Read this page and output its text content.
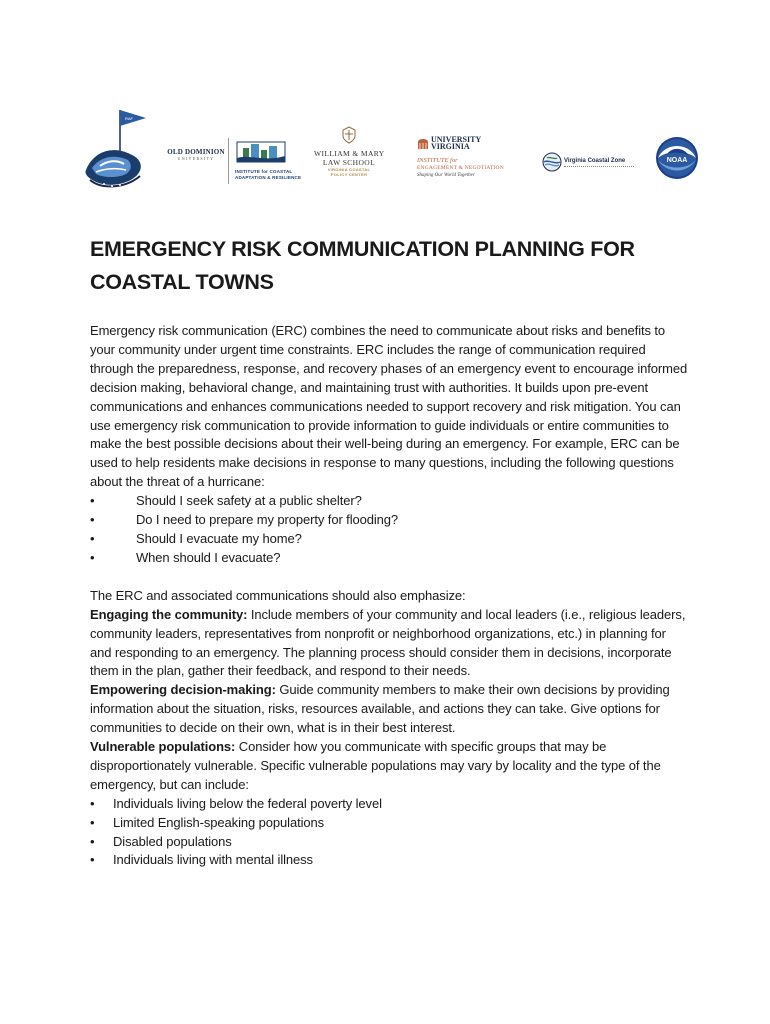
RAF
OLD DOMINION
UNIVERSITY
INSTITUTE for COASTAL
ADAPTATION & RESILIENCE
WILLIAM & MARY
LAW SCHOOL
VIRGINIA COASTAL
POLICY CENTER
UNIVERSITY
VIRGINIA
INSTITUTE for
ENGAGEMENT & NEGOTIATION
Shaping Our World Together
Virginia Coastal Zone	NOAA
EMERGENCY RISK COMMUNICATION PLANNING FOR
COASTAL TOWNS

Emergency risk communication (ERC) combines the need to communicate about risks and benefits to your community under urgent time constraints. ERC includes the range of communication required through the preparedness, response, and recovery phases of an emergency event to encourage informed decision making, behavioral change, and maintaining trust with authorities. It builds upon pre-event communications and enhances communications needed to support recovery and risk mitigation. You can use emergency risk communication to provide information to guide individuals or entire communities to make the best possible decisions about their well-being during an emergency. For example, ERC can be used to help residents make decisions in response to many questions, including the following questions about the threat of a hurricane:

•	Should I seek safety at a public shelter?
•	Do I need to prepare my property for flooding?
•	Should I evacuate my home?
•	When should I evacuate?

The ERC and associated communications should also emphasize:

Engaging the community: Include members of your community and local leaders (i.e., religious leaders, community leaders, representatives from nonprofit or neighborhood organizations, etc.) in planning for and responding to an emergency. The planning process should consider them in decisions, incorporate them in the plan, gather their feedback, and respond to their needs.

Empowering decision-making: Guide community members to make their own decisions by providing information about the situation, risks, resources available, and actions they can take. Give options for communities to decide on their own, what is in their best interest.

Vulnerable populations: Consider how you communicate with specific groups that may be disproportionately vulnerable. Specific vulnerable populations may vary by locality and the type of the emergency, but can include:

• Individuals living below the federal poverty level
• Limited English-speaking populations
• Disabled populations
• Individuals living with mental illness
